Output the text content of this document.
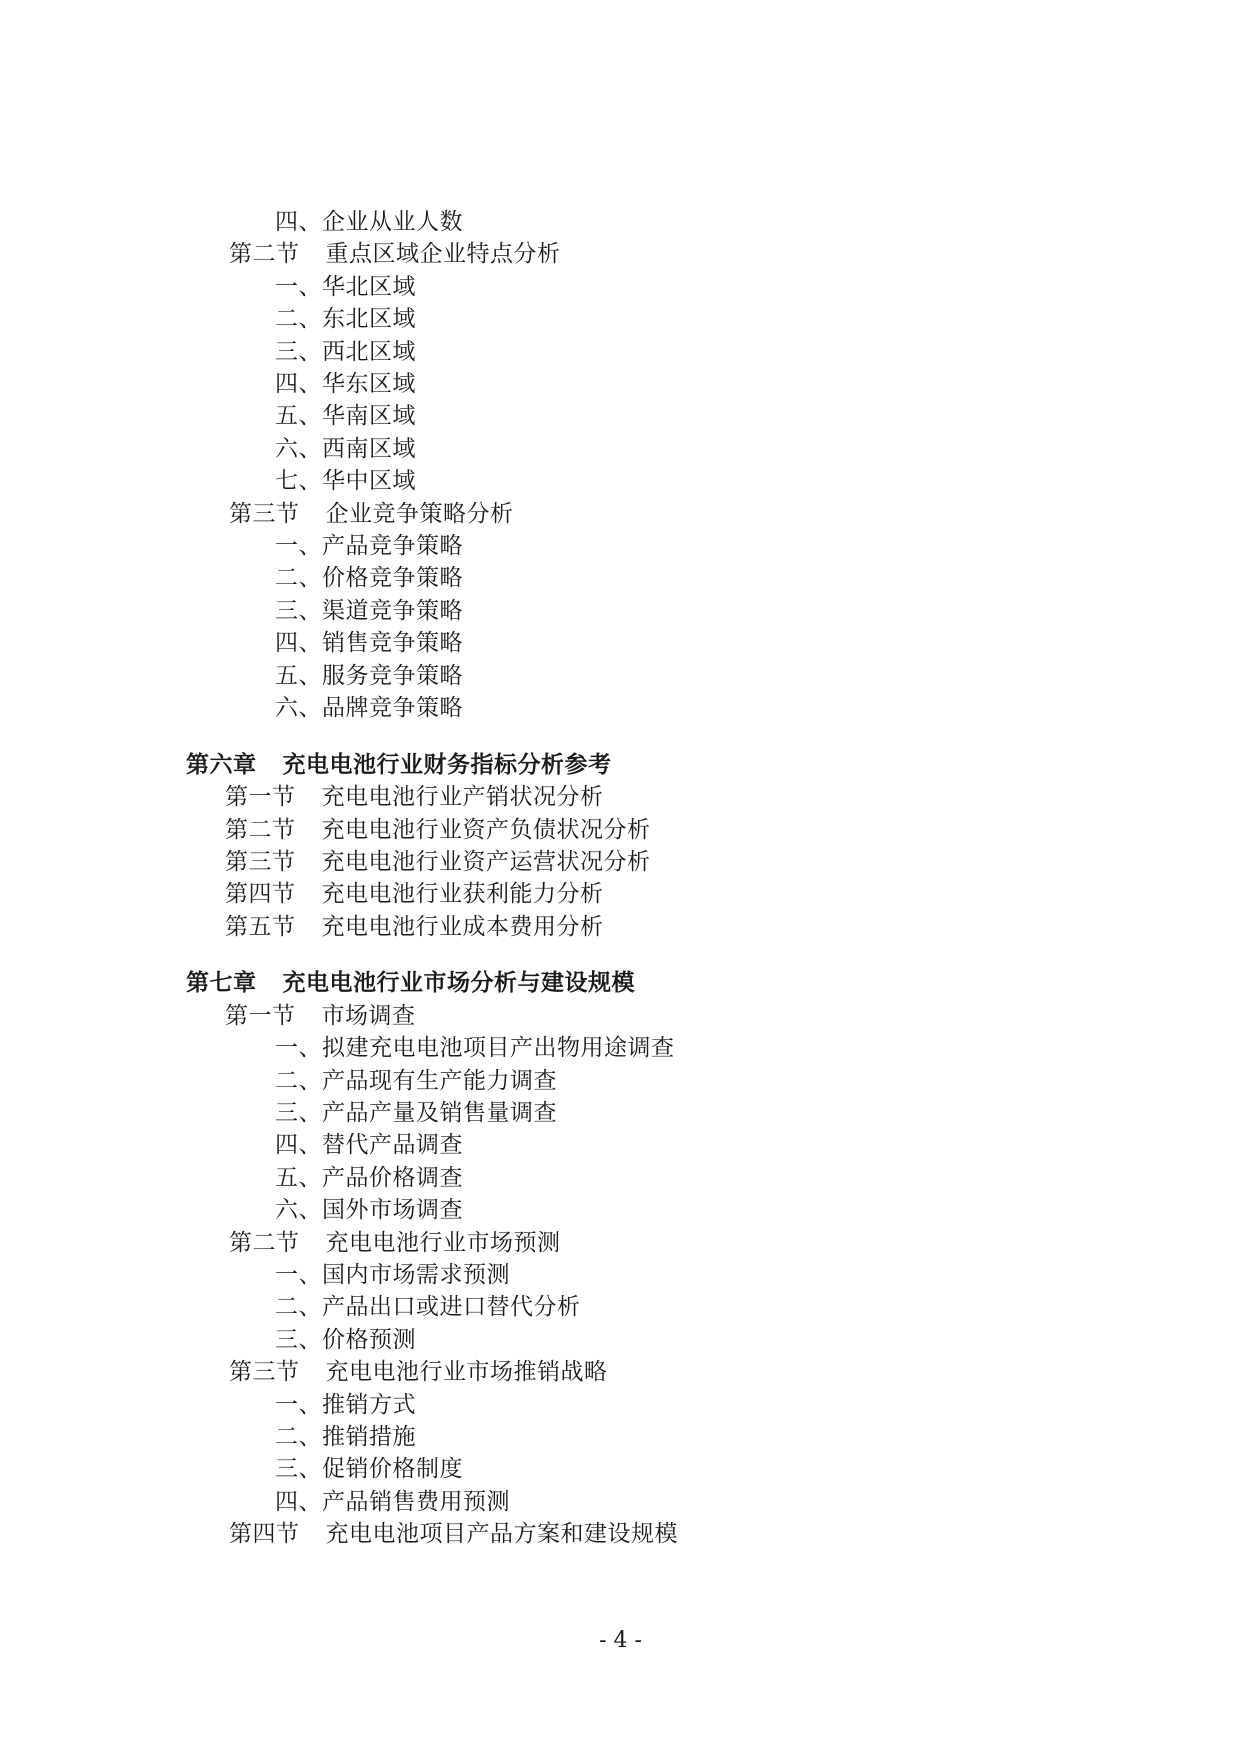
四、企业从业人数
第二节 重点区域企业特点分析
一、华北区域
二、东北区域
三、西北区域
四、华东区域
五、华南区域
六、西南区域
七、华中区域
第三节 企业竞争策略分析
一、产品竞争策略
二、价格竞争策略
三、渠道竞争策略
四、销售竞争策略
五、服务竞争策略
六、品牌竞争策略
第六章 充电电池行业财务指标分析参考
第一节 充电电池行业产销状况分析
第二节 充电电池行业资产负债状况分析
第三节 充电电池行业资产运营状况分析
第四节 充电电池行业获利能力分析
第五节 充电电池行业成本费用分析
第七章 充电电池行业市场分析与建设规模
第一节 市场调查
一、拟建充电电池项目产出物用途调查
二、产品现有生产能力调查
三、产品产量及销售量调查
四、替代产品调查
五、产品价格调查
六、国外市场调查
第二节 充电电池行业市场预测
一、国内市场需求预测
二、产品出口或进口替代分析
三、价格预测
第三节 充电电池行业市场推销战略
一、推销方式
二、推销措施
三、促销价格制度
四、产品销售费用预测
第四节 充电电池项目产品方案和建设规模
- 4 -
